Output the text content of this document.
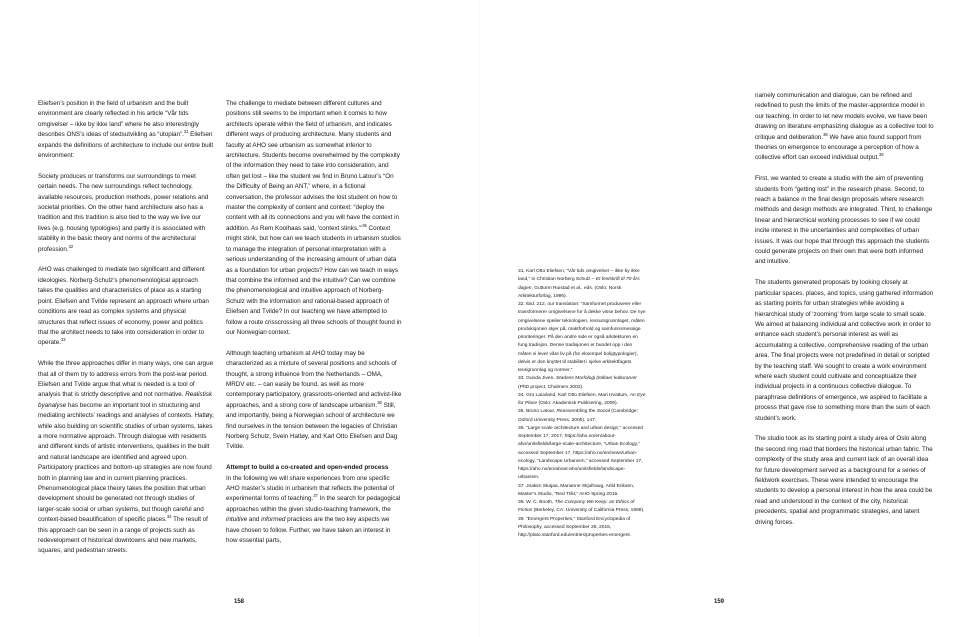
Eliefsen’s position in the field of urbanism and the built environment are clearly reflected in his article “Vår tids omgivelser – ikke by ikke land” where he also interestingly describes ONS’s ideas of stedsutvikling as “utopian”.$^{31}$ Eliefsen expands the definitions of architecture to include our entire built environment:

Society produces or transforms our surroundings to meet certain needs. The new surroundings reflect technology, available resources, production methods, power relations and societal priorities. On the other hand architecture also has a tradition and this tradition is also tied to the way we live our lives (e.g. housing typologies) and partly it is associated with stability in the basic theory and norms of the architectural profession.$^{32}$

AHO was challenged to mediate two significant and different ideologies. Norberg-Schulz’s phenomenological approach takes the qualities and characteristics of place as a starting point. Eliefsen and Tvilde represent an approach where urban conditions are read as complex systems and physical structures that reflect issues of economy, power and politics that the architect needs to take into consideration in order to operate.$^{33}$

While the three approaches differ in many ways, one can argue that all of them try to address errors from the post-war period. Eliefsen and Tvilde argue that what is needed is a tool of analysis that is strictly descriptive and not normative. Realistisk byanalyse has become an important tool in structuring and mediating architects’ readings and analyses of contexts. Hatløy, while also building on scientific studies of urban systems, takes a more normative approach. Through dialogue with residents and different kinds of artistic interventions, qualities in the built and natural landscape are identified and agreed upon. Participatory practices and bottom-up strategies are now found both in planning law and in current planning practices. Phenomenological place theory takes the position that urban development should be generated not through studies of larger-scale social or urban systems, but though careful and context-based beautification of specific places.$^{34}$ The result of this approach can be seen in a range of projects such as redevelopment of historical downtowns and new markets, squares, and pedestrian streets.

The challenge to mediate between different cultures and positions still seems to be important when it comes to how architects operate within the field of urbanism, and indicates different ways of producing architecture. Many students and faculty at AHO see urbanism as somewhat inferior to architecture. Students become overwhelmed by the complexity of the information they need to take into consideration, and often get lost – like the student we find in Bruno Latour’s “On the Difficulty of Being an ANT,” where, in a fictional conversation, the professor advises the lost student on how to master the complexity of content and context: “deploy the content with all its connections and you will have the context in addition. As Rem Koolhaas said, ‘context stinks.’”$^{35}$ Context might stink, but how can we teach students in urbanism studios to manage the integration of personal interpretation with a serious understanding of the increasing amount of urban data as a foundation for urban projects? How can we teach in ways that combine the informed and the intuitive? Can we combine the phenomenological and intuitive approach of Norberg-Schulz with the information and rational-based approach of Eliefsen and Tvilde? In our teaching we have attempted to follow a route crisscrossing all three schools of thought found in our Norwegian context.

Although teaching urbanism at AHO today may be characterized as a mixture of several positions and schools of thought, a strong influence from the Netherlands – OMA, MRDV etc. – can easily be found, as well as more contemporary participatory, grassroots-oriented and activist-like approaches, and a strong core of landscape urbanism.$^{36}$ Still, and importantly, being a Norwegian school of architecture we find ourselves in the tension between the legacies of Christian Norberg Schulz, Svein Hatløy, and Karl Otto Eliefsen and Dag Tvilde.

Attempt to build a co-created and open-ended process
In the following we will share experiences from one specific AHO master’s studio in urbanism that reflects the potential of experimental forms of teaching.$^{37}$ In the search for pedagogical approaches within the given studio-teaching framework, the intuitive and informed practices are the two key aspects we have chosen to follow. Further, we have taken an interest in how essential parts,

158

31. Karl Otto Eliefsen, “Vår tids omgivelser – ikke by ikke land,” in Christian Norberg Schulz – Et festskrift til 70-års dagen, Guttorm Ruistad et al., eds. (Oslo: Norsk Arkitekturforlag, 1996).

32. Ibid. 212, our translation: “Samfunnet produserer eller transformerer omgivelsene for å dekke visse behov. De nye omgivelsene speiler teknologien, ressursgrunnlaget, måten produksjonen skjer på, maktforhold og samfunnsmessige prioriteringer. På den andre side er også arkitekturen en fung tradisjon. Denne tradisjonen er bundet opp i den måten vi lever våre liv på (for eksempel boligtypologier), delvis er den knyttet til stabilitet i sjelve arkitektfagets teorigrunnlag og normer.”

33. Gunda Jiven, Stadens Morfologi (tolkaer kulturarvet (PhD project, Chalmers 2002).

34. Gro Lauvland, Karl Otto Eliefsen, Mari Hvattum, An Eye for Place (Oslo: Akademisk Publisering, 2009).

35. Bruno Latour, Reassembling the Social (Cambridge: Oxford University Press, 2005), 147.

36. “Large scale architecture and urban design,” accessed September 17, 2017, https://aho.no/en/about-aho/unitsfields/large-scale-architecture, “Urban Ecology,” accessed September 17, https://aho.no/en/news/urban-ecology, “Landscape Urbanism,” accessed September 17, https://aho.no/en/about-aho/unitsfields/landscape-urbanism.

37. Joakim Skajaa, Marianne Skjulhaug, Arild Eriksen, Master’s Studio, “Red Trikt,” AHO Spring 2015.

38. W. C. Booth, The Company We Keep: an Ethics of Fiction (Berkeley, CA: University of California Press, 1988).

39. “Emergent Properties,” Stanford Encyclopedia of Philosophy, accessed September 26, 2016, http://plato.stanford.edu/entries/properties-emergent.

namely communication and dialogue, can be refined and redefined to push the limits of the master-apprentice model in our teaching. In order to let new models evolve, we have been drawing on literature emphasizing dialogue as a collective tool to critique and deliberation.$^{38}$ We have also found support from theories on emergence to encourage a perception of how a collective effort can exceed individual output.$^{39}$

First, we wanted to create a studio with the aim of preventing students from “getting lost” in the research phase. Second, to reach a balance in the final design proposals where research methods and design methods are integrated. Third, to challenge linear and hierarchical working processes to see if we could incite interest in the uncertainties and complexities of urban issues. It was our hope that through this approach the students could generate projects on their own that were both informed and intuitive.

The students generated proposals by looking closely at particular spaces, places, and topics, using gathered information as starting points for urban strategies while avoiding a hierarchical study of ‘zooming’ from large scale to small scale. We aimed at balancing individual and collective work in order to enhance each student’s personal interest as well as accumulating a collective, comprehensive reading of the urban area. The final projects were not predefined in detail or scripted by the teaching staff. We sought to create a work environment where each student could cultivate and conceptualize their individual projects in a continuous collective dialogue. To paraphrase definitions of emergence, we aspired to facilitate a process that gave rise to something more than the sum of each student’s work.

The studio took as its starting point a study area of Oslo along the second ring road that borders the historical urban fabric. The complexity of the study area and current lack of an overall idea for future development served as a background for a series of fieldwork exercises. These were intended to encourage the students to develop a personal interest in how the area could be read and understood in the context of the city, historical precedents, spatial and programmatic strategies, and latent driving forces.

159
